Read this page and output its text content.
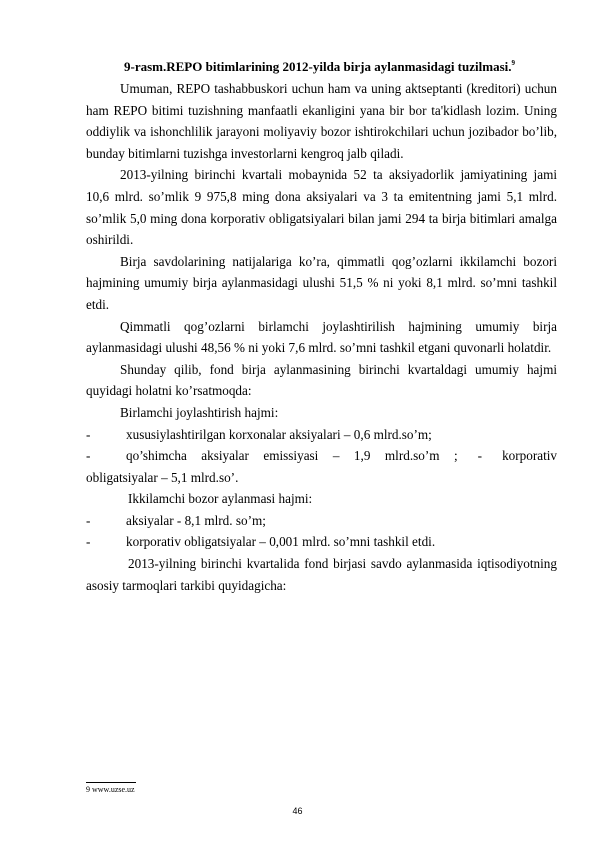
9-rasm.REPO bitimlarining 2012-yilda birja aylanmasidagi tuzilmasi.$^9$

Umuman, REPO tashabbuskori uchun ham va uning aktseptanti (kreditori) uchun ham REPO bitimi tuzishning manfaatli ekanligini yana bir bor ta'kidlash lozim. Uning oddiylik va ishonchlilik jarayoni moliyaviy bozor ishtirokchilari uchun jozibador bo’lib, bunday bitimlarni tuzishga investorlarni kengroq jalb qiladi.

2013-yilning birinchi kvartali mobaynida 52 ta aksiyadorlik jamiyatining jami 10,6 mlrd. so’mlik 9 975,8 ming dona aksiyalari va 3 ta emitentning jami 5,1 mlrd. so’mlik 5,0 ming dona korporativ obligatsiyalari bilan jami 294 ta birja bitimlari amalga oshirildi.

Birja savdolarining natijalariga ko’ra, qimmatli qog’ozlarni ikkilamchi bozori hajmining umumiy birja aylanmasidagi ulushi 51,5 % ni yoki 8,1 mlrd. so’mni tashkil etdi.

Qimmatli qog’ozlarni birlamchi joylashtirilish hajmining umumiy birja aylanmasidagi ulushi 48,56 % ni yoki 7,6 mlrd. so’mni tashkil etgani quvonarli holatdir.

Shunday qilib, fond birja aylanmasining birinchi kvartaldagi umumiy hajmi quyidagi holatni ko’rsatmoqda:

Birlamchi joylashtirish hajmi:

-	xususiylashtirilgan korxonalar aksiyalari – 0,6 mlrd.so’m;
-	qo’shimcha aksiyalar emissiyasi – 1,9 mlrd.so’m ; - korporativ

obligatsiyalar – 5,1 mlrd.so’.

Ikkilamchi bozor aylanmasi hajmi:

-	aksiyalar - 8,1 mlrd. so’m;
-	korporativ obligatsiyalar – 0,001 mlrd. so’mni tashkil etdi.

2013-yilning birinchi kvartalida fond birjasi savdo aylanmasida iqtisodiyotning asosiy tarmoqlari tarkibi quyidagicha:

9 www.uzse.uz
46
